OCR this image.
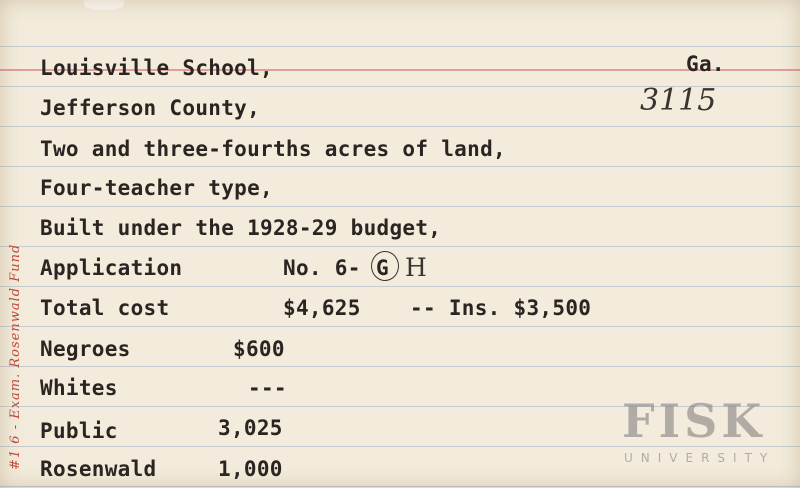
Louisville School,	Ga.

Jefferson County,	3115

Two and three-fourths acres of land,

Four-teacher type,

Built under the 1928-29 budget,

Application	No. 6- G H

Total cost	$4,625 -- Ins. $3,500

Negroes	$600

Whites	---

Public	3,025

Rosenwald	1,000

#1 6 - Exam. Rosenwald Fund	FISK

UNIVERSITY
